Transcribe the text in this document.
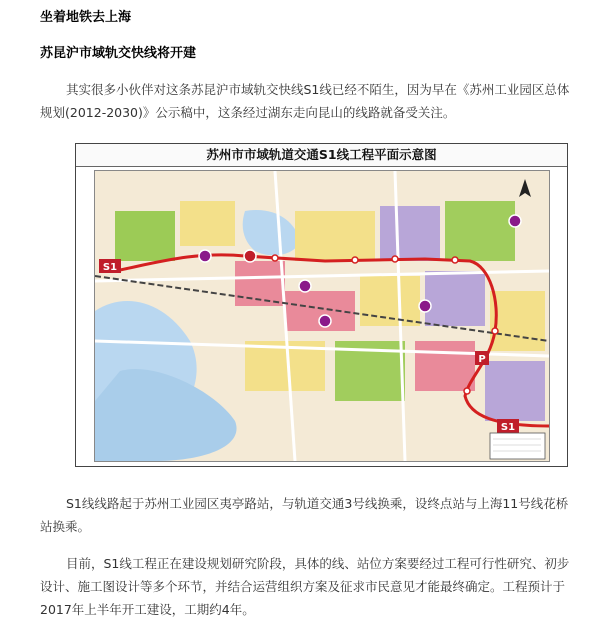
坐着地铁去上海
苏昆沪市域轨交快线将开建
其实很多小伙伴对这条苏昆沪市域轨交快线S1线已经不陌生，因为早在《苏州工业园区总体规划(2012-2030)》公示稿中，这条经过湖东走向昆山的线路就备受关注。
苏州市市域轨道交通S1线工程平面示意图
P
S1
S1
S1线线路起于苏州工业园区夷亭路站，与轨道交通3号线换乘，设终点站与上海11号线花桥站换乘。
目前，S1线工程正在建设规划研究阶段，具体的线、站位方案要经过工程可行性研究、初步设计、施工图设计等多个环节，并结合运营组织方案及征求市民意见才能最终确定。工程预计于2017年上半年开工建设，工期约4年。
